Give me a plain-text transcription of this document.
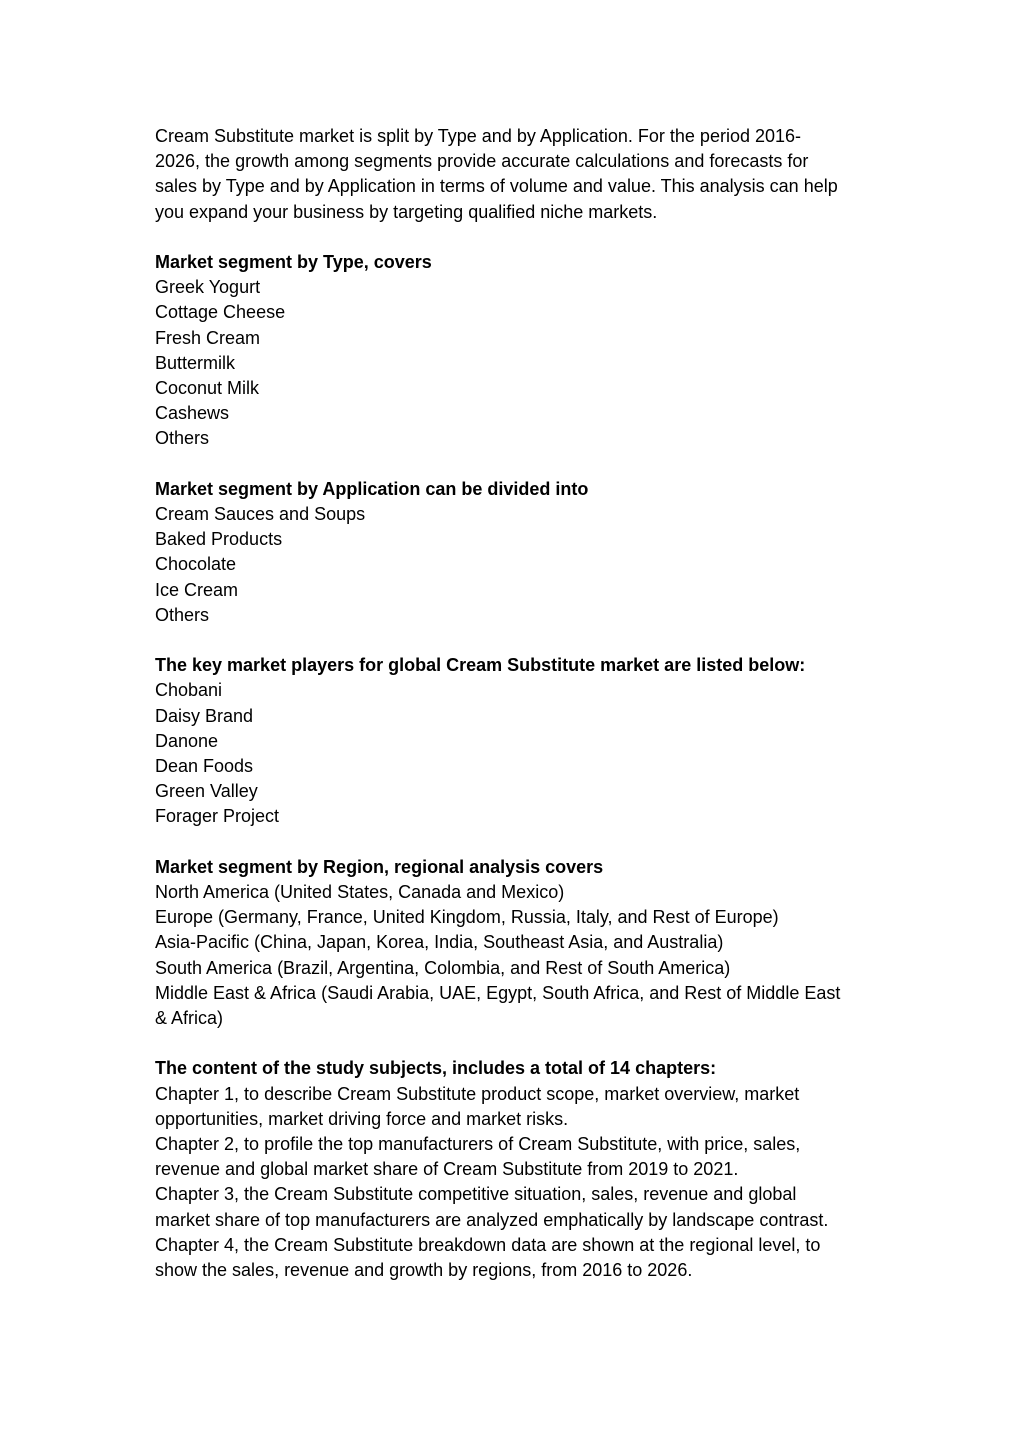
Cream Substitute market is split by Type and by Application. For the period 2016-
2026, the growth among segments provide accurate calculations and forecasts for
sales by Type and by Application in terms of volume and value. This analysis can help
you expand your business by targeting qualified niche markets.

Market segment by Type, covers

Greek Yogurt

Cottage Cheese

Fresh Cream

Buttermilk

Coconut Milk

Cashews

Others

Market segment by Application can be divided into

Cream Sauces and Soups

Baked Products

Chocolate

Ice Cream

Others

The key market players for global Cream Substitute market are listed below:

Chobani

Daisy Brand

Danone

Dean Foods

Green Valley

Forager Project

Market segment by Region, regional analysis covers

North America (United States, Canada and Mexico)

Europe (Germany, France, United Kingdom, Russia, Italy, and Rest of Europe)

Asia-Pacific (China, Japan, Korea, India, Southeast Asia, and Australia)

South America (Brazil, Argentina, Colombia, and Rest of South America)

Middle East & Africa (Saudi Arabia, UAE, Egypt, South Africa, and Rest of Middle East
& Africa)

The content of the study subjects, includes a total of 14 chapters:

Chapter 1, to describe Cream Substitute product scope, market overview, market
opportunities, market driving force and market risks.

Chapter 2, to profile the top manufacturers of Cream Substitute, with price, sales,
revenue and global market share of Cream Substitute from 2019 to 2021.

Chapter 3, the Cream Substitute competitive situation, sales, revenue and global
market share of top manufacturers are analyzed emphatically by landscape contrast.

Chapter 4, the Cream Substitute breakdown data are shown at the regional level, to
show the sales, revenue and growth by regions, from 2016 to 2026.
